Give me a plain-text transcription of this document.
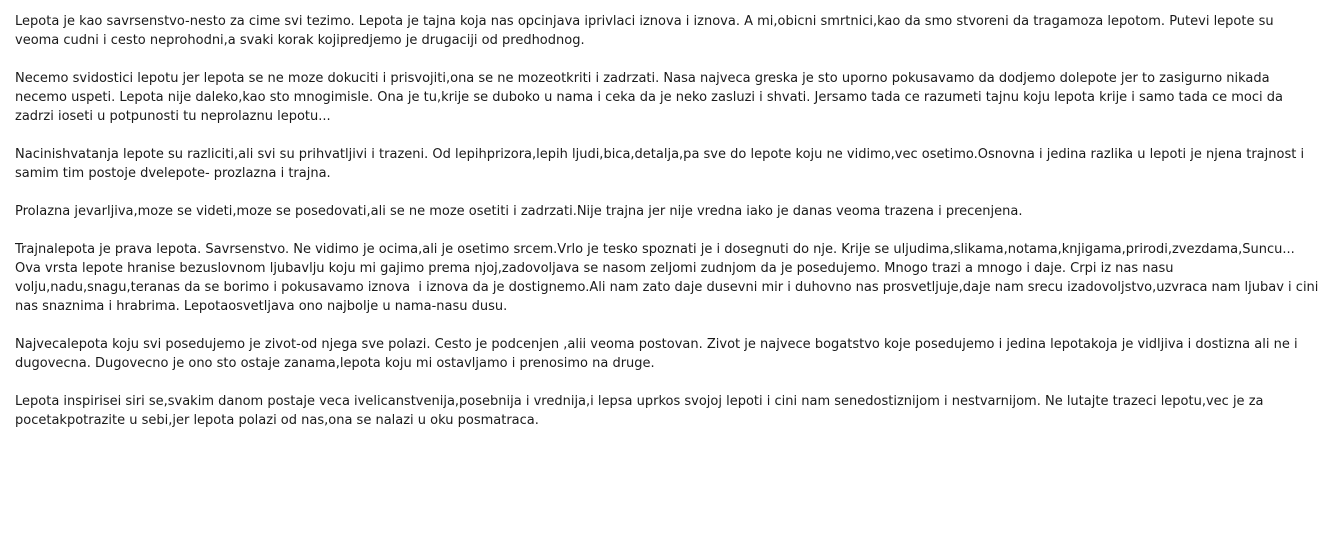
Lepota je kao savrsenstvo-nesto za cime svi tezimo. Lepota je tajna koja nas opcinjava iprivlaci iznova i iznova. A mi,obicni smrtnici,kao da smo stvoreni da tragamoza lepotom. Putevi lepote su
veoma cudni i cesto neprohodni,a svaki korak kojipredjemo je drugaciji od predhodnog.

Necemo svidostici lepotu jer lepota se ne moze dokuciti i prisvojiti,ona se ne mozeotkriti i zadrzati. Nasa najveca greska je sto uporno pokusavamo da dodjemo dolepote jer to zasigurno nikada
necemo uspeti. Lepota nije daleko,kao sto mnogimisle. Ona je tu,krije se duboko u nama i ceka da je neko zasluzi i shvati. Jersamo tada ce razumeti tajnu koju lepota krije i samo tada ce moci da
zadrzi ioseti u potpunosti tu neprolaznu lepotu...

Nacinishvatanja lepote su razliciti,ali svi su prihvatljivi i trazeni. Od lepihprizora,lepih ljudi,bica,detalja,pa sve do lepote koju ne vidimo,vec osetimo.Osnovna i jedina razlika u lepoti je njena trajnost i
samim tim postoje dvelepote- prozlazna i trajna.

Prolazna jevarljiva,moze se videti,moze se posedovati,ali se ne moze osetiti i zadrzati.Nije trajna jer nije vredna iako je danas veoma trazena i precenjena.

Trajnalepota je prava lepota. Savrsenstvo. Ne vidimo je ocima,ali je osetimo srcem.Vrlo je tesko spoznati je i dosegnuti do nje. Krije se uljudima,slikama,notama,knjigama,prirodi,zvezdama,Suncu...
Ova vrsta lepote hranise bezuslovnom ljubavlju koju mi gajimo prema njoj,zadovoljava se nasom zeljomi zudnjom da je posedujemo. Mnogo trazi a mnogo i daje. Crpi iz nas nasu
volju,nadu,snagu,teranas da se borimo i pokusavamo iznova  i iznova da je dostignemo.Ali nam zato daje dusevni mir i duhovno nas prosvetljuje,daje nam srecu izadovoljstvo,uzvraca nam ljubav i cini
nas snaznima i hrabrima. Lepotaosvetljava ono najbolje u nama-nasu dusu.

Najvecalepota koju svi posedujemo je zivot-od njega sve polazi. Cesto je podcenjen ,alii veoma postovan. Zivot je najvece bogatstvo koje posedujemo i jedina lepotakoja je vidljiva i dostizna ali ne i
dugovecna. Dugovecno je ono sto ostaje zanama,lepota koju mi ostavljamo i prenosimo na druge.

Lepota inspirisei siri se,svakim danom postaje veca ivelicanstvenija,posebnija i vrednija,i lepsa uprkos svojoj lepoti i cini nam senedostiznijom i nestvarnijom. Ne lutajte trazeci lepotu,vec je za
pocetakpotrazite u sebi,jer lepota polazi od nas,ona se nalazi u oku posmatraca.
